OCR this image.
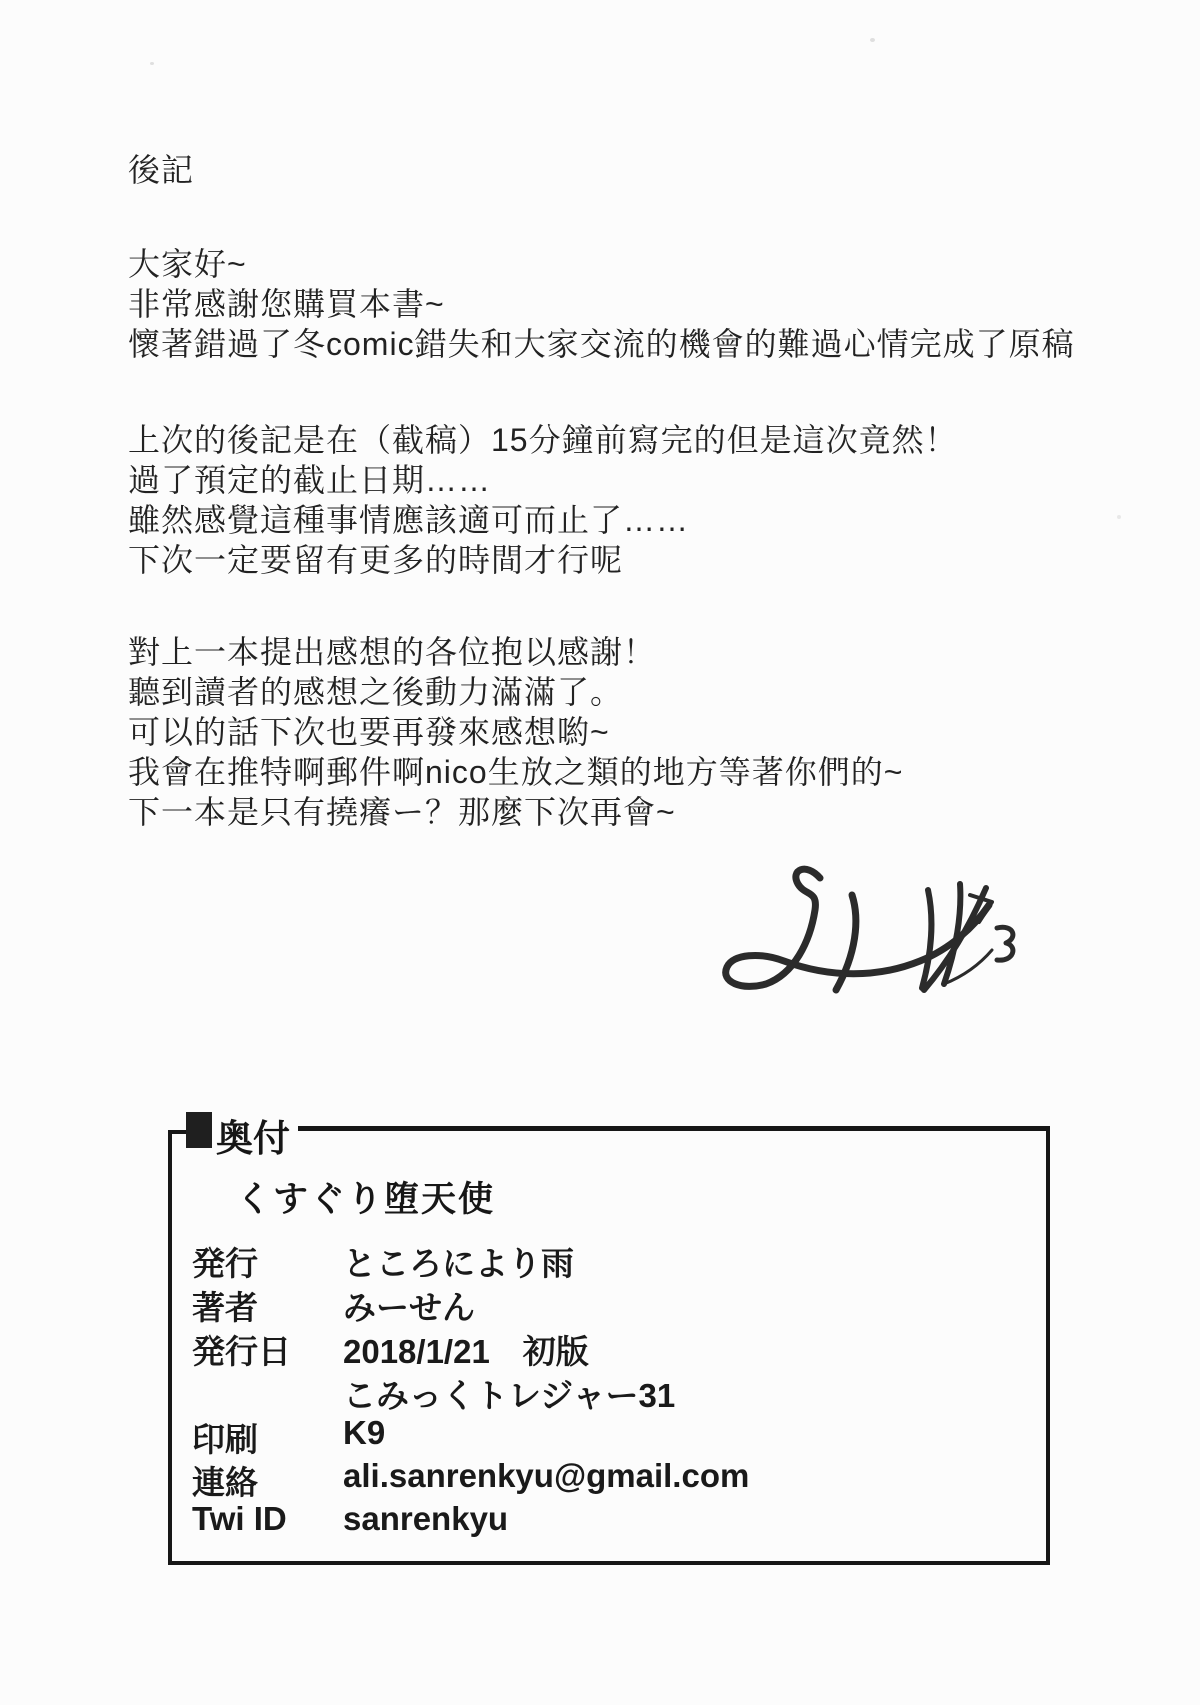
後記
大家好~
非常感謝您購買本書~
懷著錯過了冬comic錯失和大家交流的機會的難過心情完成了原稿
上次的後記是在（截稿）15分鐘前寫完的但是這次竟然！
過了預定的截止日期……
雖然感覺這種事情應該適可而止了……
下次一定要留有更多的時間才行呢
對上一本提出感想的各位抱以感謝！
聽到讀者的感想之後動力滿滿了。
可以的話下次也要再發來感想喲~
我會在推特啊郵件啊nico生放之類的地方等著你們的~
下一本是只有撓癢ー？那麼下次再會~
奥付
くすぐり堕天使
発行	ところにより雨
著者	みーせん
発行日 2018/1/21　初版
こみっくトレジャー31
印刷	K9
連絡	ali.sanrenkyu@gmail.com
Twi ID sanrenkyu
